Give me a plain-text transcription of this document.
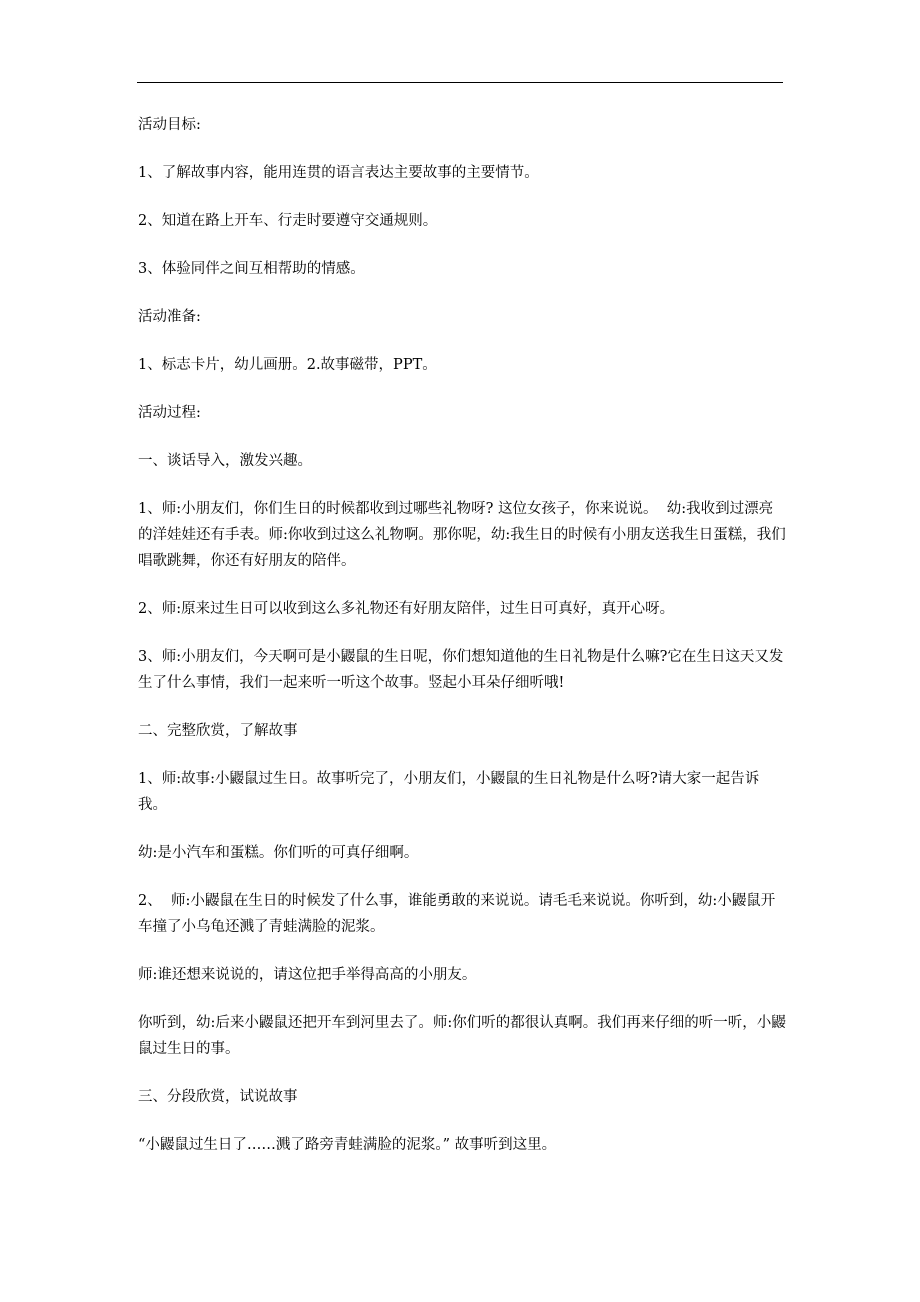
活动目标:

1、了解故事内容，能用连贯的语言表达主要故事的主要情节。

2、知道在路上开车、行走时要遵守交通规则。

3、体验同伴之间互相帮助的情感。

活动准备:

1、标志卡片，幼儿画册。2.故事磁带，PPT。

活动过程:

一、谈话导入，激发兴趣。

1、师:小朋友们，你们生日的时候都收到过哪些礼物呀? 这位女孩子，你来说说。  幼:我收到过漂亮的洋娃娃还有手表。师:你收到过这么礼物啊。那你呢，幼:我生日的时候有小朋友送我生日蛋糕，我们唱歌跳舞，你还有好朋友的陪伴。

2、师:原来过生日可以收到这么多礼物还有好朋友陪伴，过生日可真好，真开心呀。

3、师:小朋友们，今天啊可是小鼹鼠的生日呢，你们想知道他的生日礼物是什么嘛?它在生日这天又发生了什么事情，我们一起来听一听这个故事。竖起小耳朵仔细听哦!

二、完整欣赏，了解故事

1、师:故事:小鼹鼠过生日。故事听完了，小朋友们，小鼹鼠的生日礼物是什么呀?请大家一起告诉我。

幼:是小汽车和蛋糕。你们听的可真仔细啊。

2、  师:小鼹鼠在生日的时候发了什么事，谁能勇敢的来说说。请毛毛来说说。你听到，幼:小鼹鼠开车撞了小乌龟还溅了青蛙满脸的泥浆。

师:谁还想来说说的，请这位把手举得高高的小朋友。

你听到，幼:后来小鼹鼠还把开车到河里去了。师:你们听的都很认真啊。我们再来仔细的听一听，小鼹鼠过生日的事。

三、分段欣赏，试说故事

“小鼹鼠过生日了……溅了路旁青蛙满脸的泥浆。” 故事听到这里。
